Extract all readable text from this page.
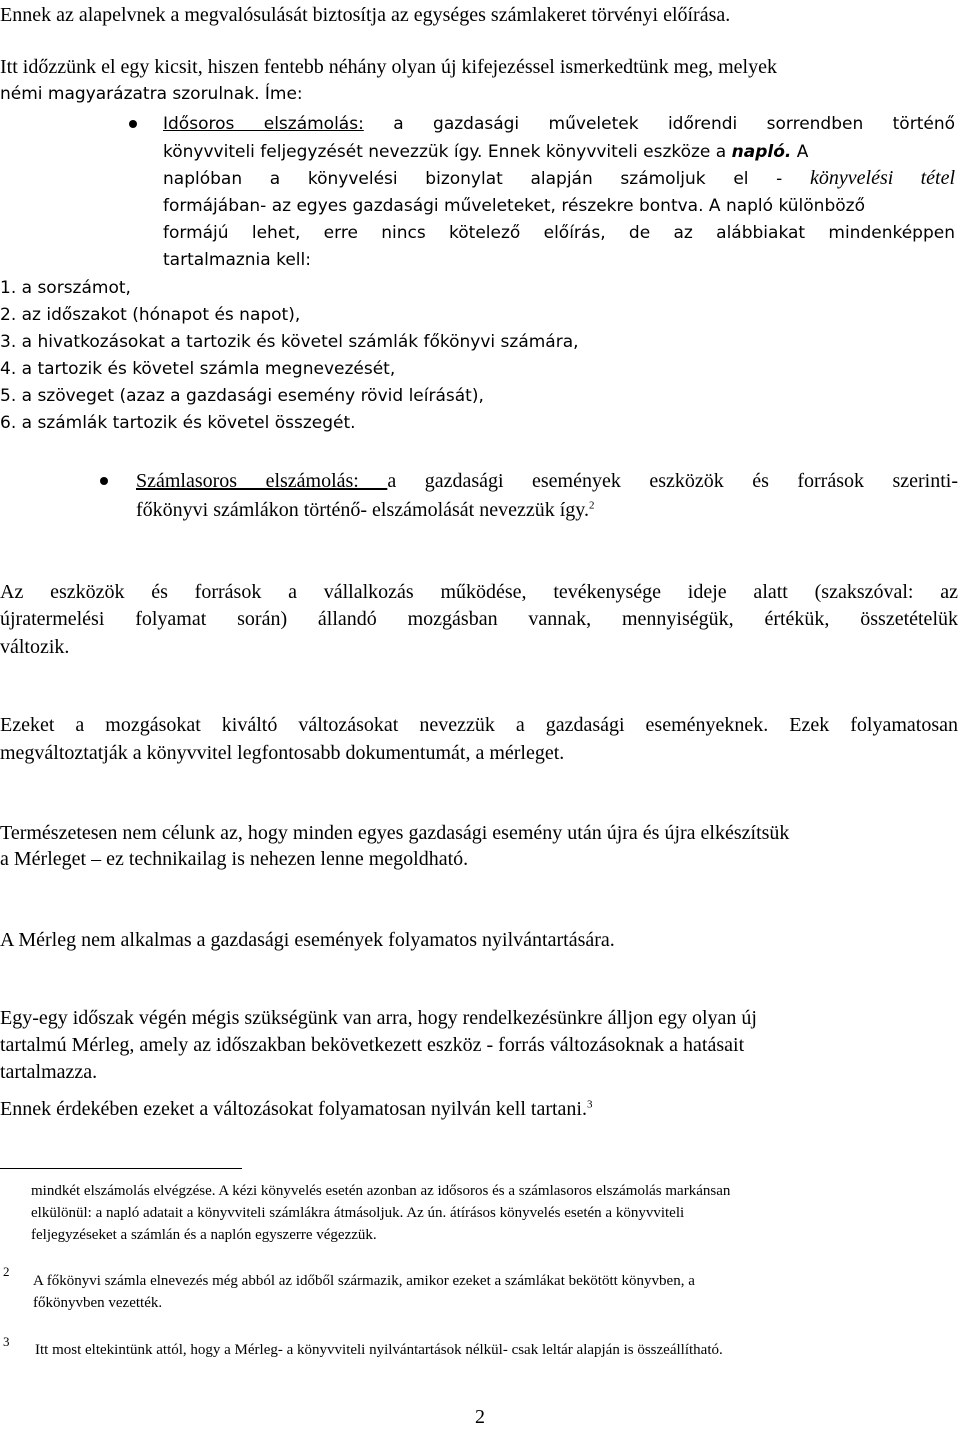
Ennek az alapelvnek a megvalósulását biztosítja az egységes számlakeret törvényi előírása.
Itt időzzünk el egy kicsit, hiszen fentebb néhány olyan új kifejezéssel ismerkedtünk meg, melyek
némi magyarázatra szorulnak. Íme:
Idősoros elszámolás: a gazdasági műveletek időrendi sorrendben történő
könyvviteli feljegyzését nevezzük így. Ennek könyvviteli eszköze a napló. A
naplóban a könyvelési bizonylat alapján számoljuk el - könyvelési tétel
formájában- az egyes gazdasági műveleteket, részekre bontva. A napló különböző
formájú lehet, erre nincs kötelező előírás, de az alábbiakat mindenképpen
tartalmaznia kell:
1. a sorszámot,
2. az időszakot (hónapot és napot),
3. a hivatkozásokat a tartozik és követel számlák főkönyvi számára,
4. a tartozik és követel számla megnevezését,
5. a szöveget (azaz a gazdasági esemény rövid leírását),
6. a számlák tartozik és követel összegét.
Számlasoros elszámolás: a gazdasági események eszközök és források szerinti-
főkönyvi számlákon történő- elszámolását nevezzük így.$^2$
Az eszközök és források a vállalkozás működése, tevékenysége ideje alatt (szakszóval: az
újratermelési folyamat során) állandó mozgásban vannak, mennyiségük, értékük, összetételük
változik.
Ezeket a mozgásokat kiváltó változásokat nevezzük a gazdasági eseményeknek. Ezek folyamatosan
megváltoztatják a könyvvitel legfontosabb dokumentumát, a mérleget.
Természetesen nem célunk az, hogy minden egyes gazdasági esemény után újra és újra elkészítsük
a Mérleget – ez technikailag is nehezen lenne megoldható.
A Mérleg nem alkalmas a gazdasági események folyamatos nyilvántartására.
Egy-egy időszak végén mégis szükségünk van arra, hogy rendelkezésünkre álljon egy olyan új
tartalmú Mérleg, amely az időszakban bekövetkezett eszköz - forrás változásoknak a hatásait
tartalmazza.
Ennek érdekében ezeket a változásokat folyamatosan nyilván kell tartani.$^3$
mindkét elszámolás elvégzése. A kézi könyvelés esetén azonban az idősoros és a számlasoros elszámolás markánsan
elkülönül: a napló adatait a könyvviteli számlákra átmásoljuk. Az ún. átírásos könyvelés esetén a könyvviteli
feljegyzéseket a számlán és a naplón egyszerre végezzük.
2
A főkönyvi számla elnevezés még abból az időből származik, amikor ezeket a számlákat bekötött könyvben, a
főkönyvben vezették.
3
Itt most eltekintünk attól, hogy a Mérleg- a könyvviteli nyilvántartások nélkül- csak leltár alapján is összeállítható.
2
